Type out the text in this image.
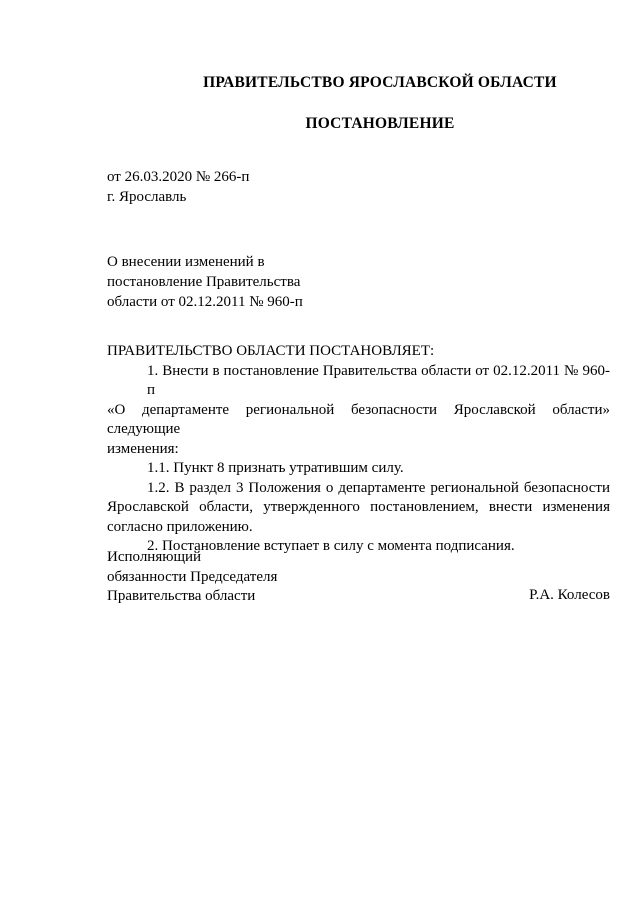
ПРАВИТЕЛЬСТВО ЯРОСЛАВСКОЙ ОБЛАСТИ
ПОСТАНОВЛЕНИЕ
от 26.03.2020 № 266-п
г. Ярославль
О внесении изменений в
постановление Правительства
области от 02.12.2011 № 960-п
ПРАВИТЕЛЬСТВО ОБЛАСТИ ПОСТАНОВЛЯЕТ:
1. Внести в постановление Правительства области от 02.12.2011 № 960-п
«О департаменте региональной безопасности Ярославской области» следующие
изменения:
1.1. Пункт 8 признать утратившим силу.
1.2. В раздел 3 Положения о департаменте региональной безопасности
Ярославской области, утвержденного постановлением, внести изменения
согласно приложению.
2. Постановление вступает в силу с момента подписания.
Исполняющий
обязанности Председателя
Правительства области	Р.А. Колесов
